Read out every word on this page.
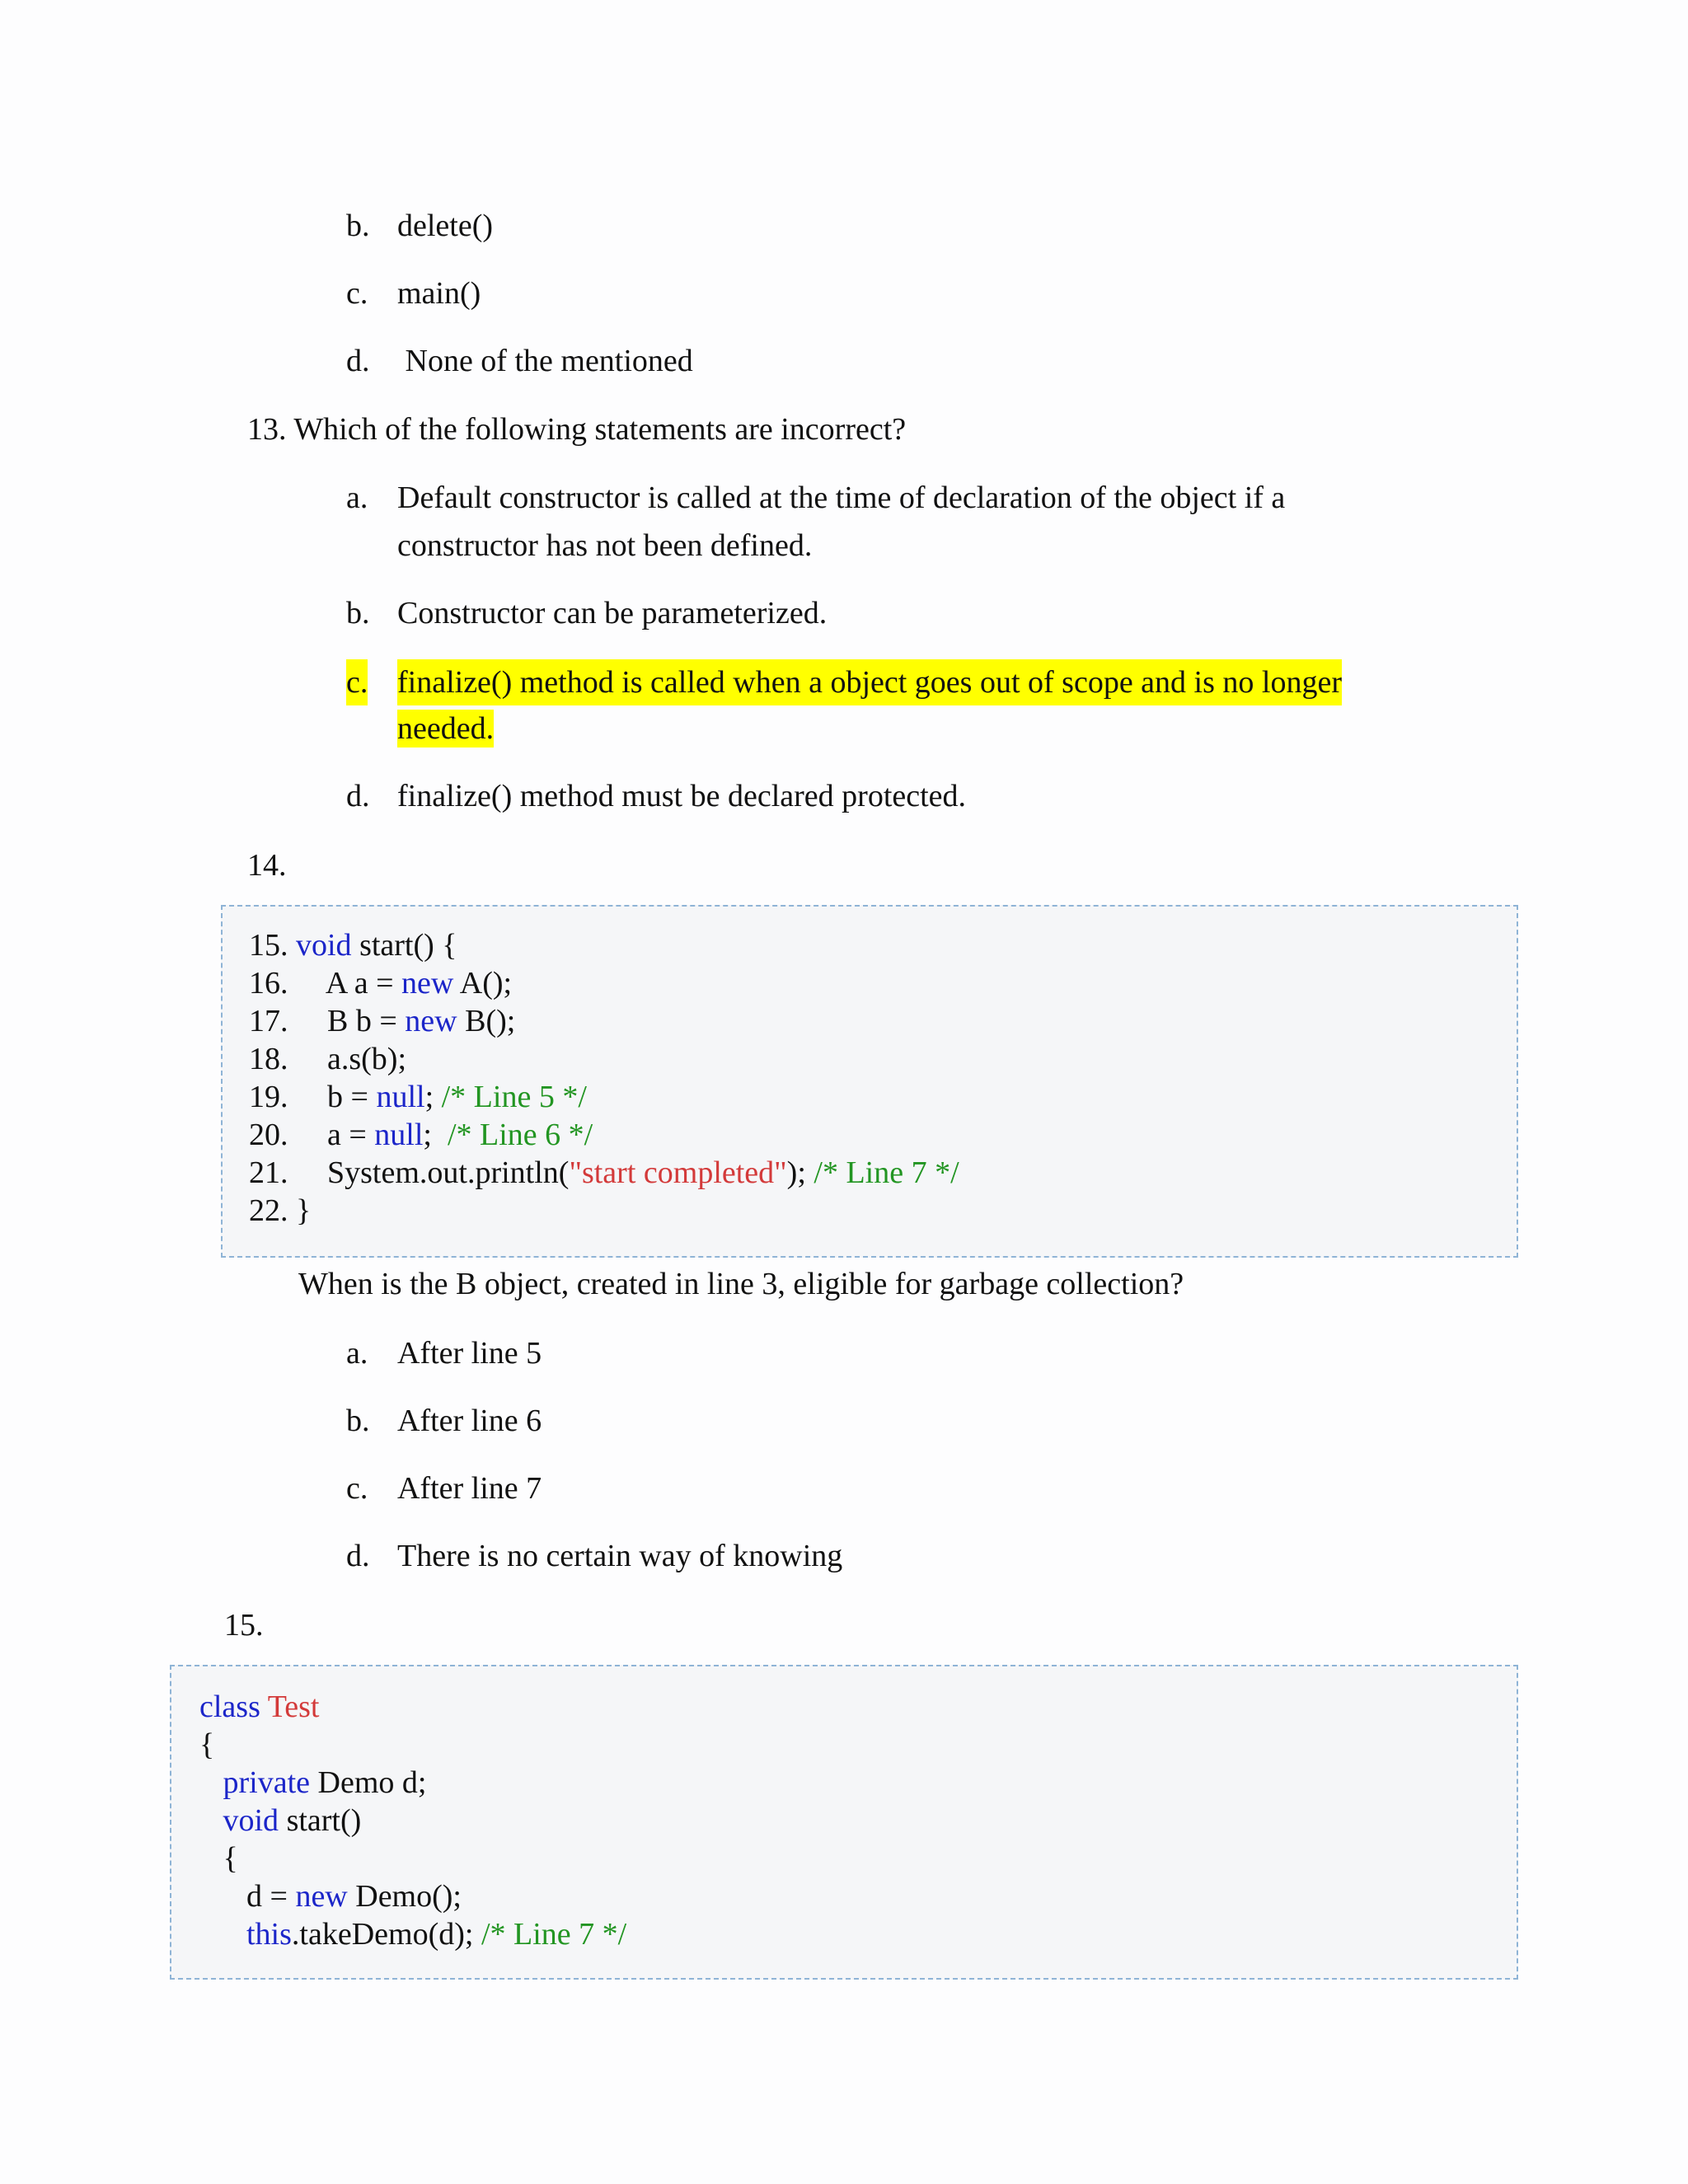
b. delete()
c. main()
d. None of the mentioned
13. Which of the following statements are incorrect?
a. Default constructor is called at the time of declaration of the object if a
constructor has not been defined.
b. Constructor can be parameterized.
c. finalize() method is called when a object goes out of scope and is no longer
needed.
d. finalize() method must be declared protected.
14.
15. void start() {
16.     A a = new A();
17.     B b = new B();
18.     a.s(b);
19.     b = null; /* Line 5 */
20.     a = null;  /* Line 6 */
21.     System.out.println("start completed"); /* Line 7 */
22. }
When is the B object, created in line 3, eligible for garbage collection?
a. After line 5
b. After line 6
c. After line 7
d. There is no certain way of knowing
15.
class Test
{
private Demo d;
void start()
{
d = new Demo();
this.takeDemo(d); /* Line 7 */
